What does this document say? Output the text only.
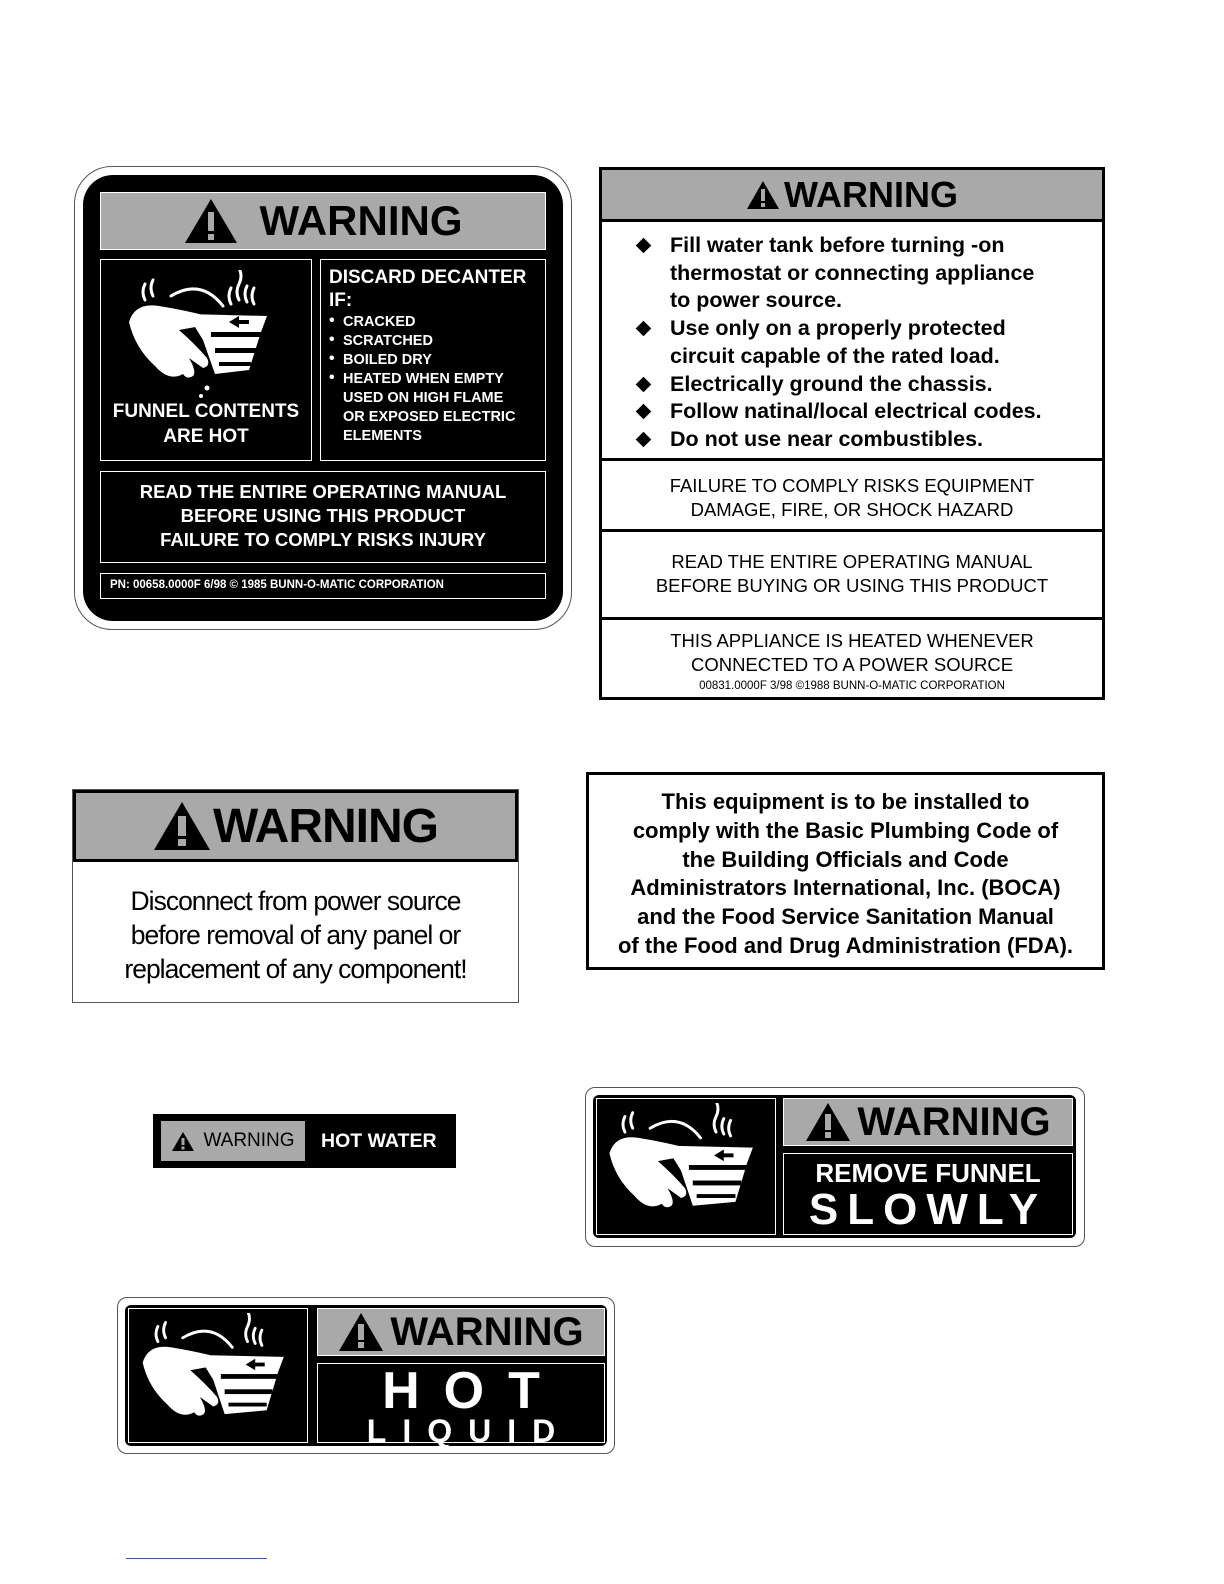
WARNING
FUNNEL CONTENTS
ARE HOT
DISCARD DECANTER
IF:
• CRACKED
• SCRATCHED
• BOILED DRY
• HEATED WHEN EMPTY
USED ON HIGH FLAME
OR EXPOSED ELECTRIC
ELEMENTS
READ THE ENTIRE OPERATING MANUAL
BEFORE USING THIS PRODUCT
FAILURE TO COMPLY RISKS INJURY
PN: 00658.0000F 6/98 © 1985 BUNN-O-MATIC CORPORATION
WARNING
Fill water tank before turning -on
thermostat or connecting appliance
to power source.
Use only on a properly protected
circuit capable of the rated load.
Electrically ground the chassis.
Follow natinal/local electrical codes.
Do not use near combustibles.
FAILURE TO COMPLY RISKS EQUIPMENT
DAMAGE, FIRE, OR SHOCK HAZARD
READ THE ENTIRE OPERATING MANUAL
BEFORE BUYING OR USING THIS PRODUCT
THIS APPLIANCE IS HEATED WHENEVER
CONNECTED TO A POWER SOURCE
00831.0000F 3/98 ©1988 BUNN-O-MATIC CORPORATION
WARNING
Disconnect from power source
before removal of any panel or
replacement of any component!
This equipment is to be installed to
comply with the Basic Plumbing Code of
the Building Officials and Code
Administrators International, Inc. (BOCA)
and the Food Service Sanitation Manual
of the Food and Drug Administration (FDA).
WARNING	HOT WATER	WARNING
REMOVE FUNNEL
SLOWLY
WARNING
HOT
LIQUID
